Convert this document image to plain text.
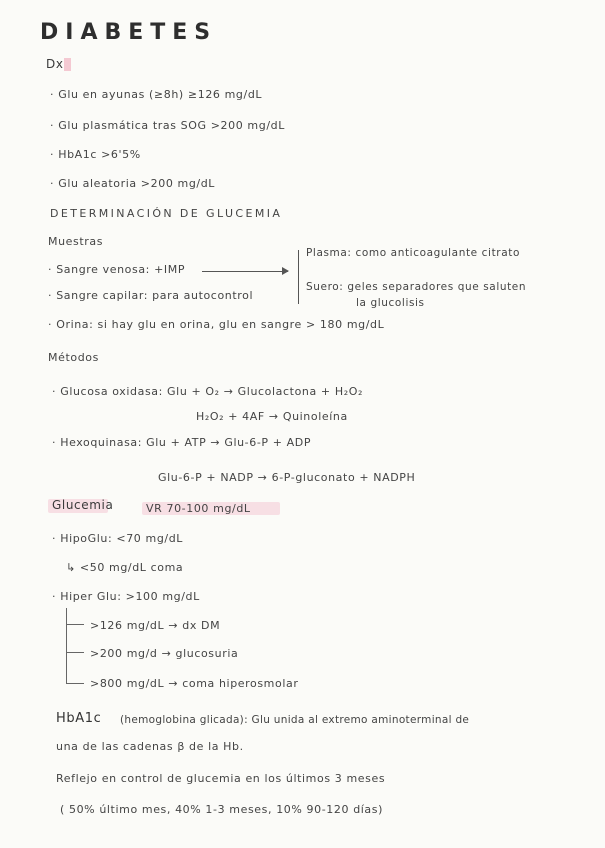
DIABETES
Dx
· Glu en ayunas (≥8h) ≥126 mg/dL
· Glu plasmática tras SOG >200 mg/dL
· HbA1c >6'5%
· Glu aleatoria >200 mg/dL
DETERMINACIÓN DE GLUCEMIA
Muestras
· Sangre venosa: +IMP
Plasma: como anticoagulante citrato
Suero: geles separadores que saluten
la glucolisis
· Sangre capilar: para autocontrol
· Orina: si hay glu en orina, glu en sangre > 180 mg/dL
Métodos
· Glucosa oxidasa: Glu + O₂ → Glucolactona + H₂O₂
H₂O₂ + 4AF → Quinoleína
· Hexoquinasa: Glu + ATP → Glu-6-P + ADP
Glu-6-P + NADP → 6-P-gluconato + NADPH
Glucemia	VR 70-100 mg/dL
· HipoGlu: <70 mg/dL
↳ <50 mg/dL coma
· Hiper Glu: >100 mg/dL
>126 mg/dL → dx DM
>200 mg/d → glucosuria
>800 mg/dL → coma hiperosmolar
HbA1c (hemoglobina glicada): Glu unida al extremo aminoterminal de
una de las cadenas β de la Hb.
Reflejo en control de glucemia en los últimos 3 meses
( 50% último mes, 40% 1-3 meses, 10% 90-120 días)
